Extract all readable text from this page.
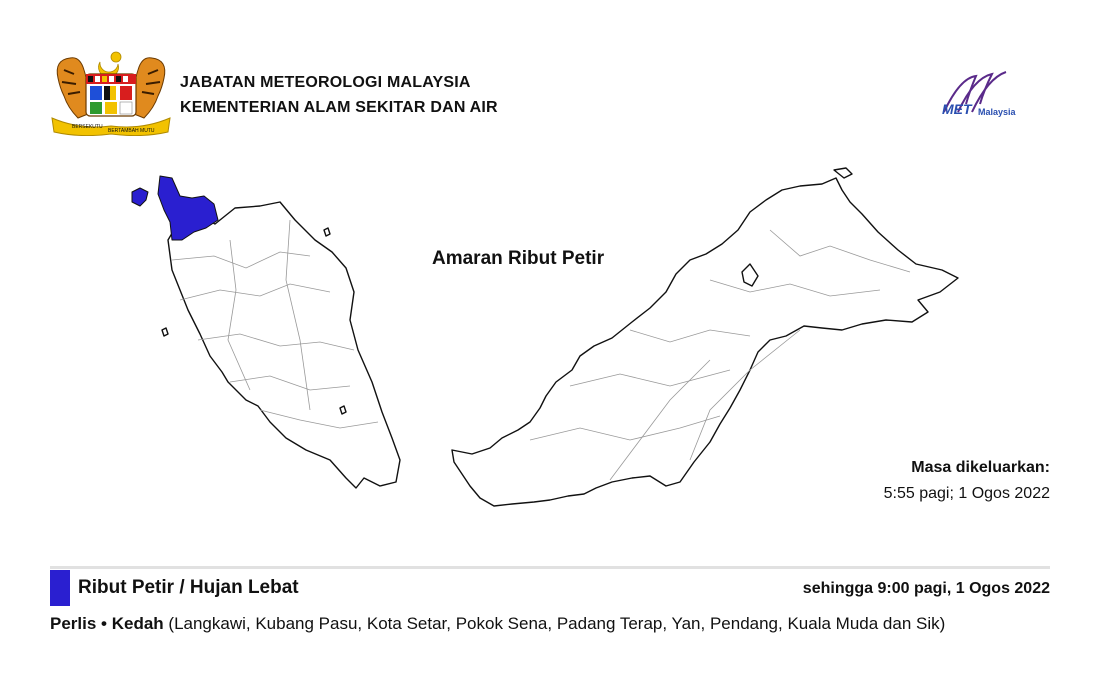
BERSEKUTU
BERTAMBAH MUTU
JABATAN METEOROLOGI MALAYSIA
KEMENTERIAN ALAM SEKITAR DAN AIR	MET Malaysia
Amaran Ribut Petir
Masa dikeluarkan:
5:55 pagi; 1 Ogos 2022
Ribut Petir / Hujan Lebat	sehingga 9:00 pagi, 1 Ogos 2022
Perlis • Kedah (Langkawi, Kubang Pasu, Kota Setar, Pokok Sena, Padang Terap, Yan, Pendang, Kuala Muda dan Sik)
